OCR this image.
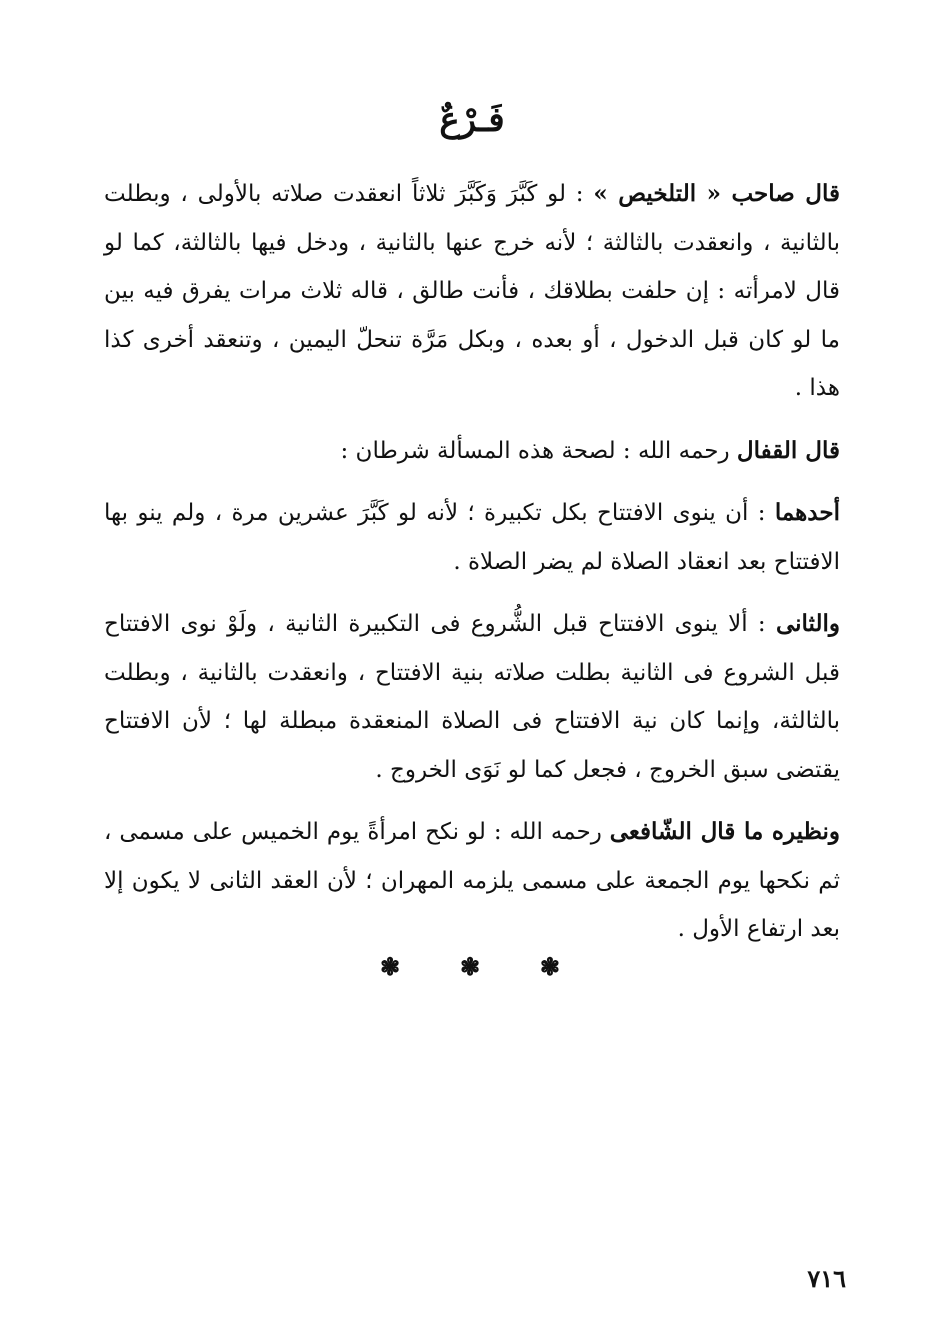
فَـرْعٌ

قال صاحب « التلخيص » : لو كَبَّرَ وَكَبَّرَ ثلاثاً انعقدت صلاته بالأولى ، وبطلت بالثانية ، وانعقدت بالثالثة ؛ لأنه خرج عنها بالثانية ، ودخل فيها بالثالثة، كما لو قال لامرأته : إن حلفت بطلاقك ، فأنت طالق ، قاله ثلاث مرات يفرق فيه بين ما لو كان قبل الدخول ، أو بعده ، وبكل مَرَّة تنحلّ اليمين ، وتنعقد أخرى كذا هذا .

قال القفال رحمه الله : لصحة هذه المسألة شرطان :

أحدهما : أن ينوى الافتتاح بكل تكبيرة ؛ لأنه لو كَبَّرَ عشرين مرة ، ولم ينو بها الافتتاح بعد انعقاد الصلاة لم يضر الصلاة .

والثانى : ألا ينوى الافتتاح قبل الشُّروع فى التكبيرة الثانية ، ولَوْ نوى الافتتاح قبل الشروع فى الثانية بطلت صلاته بنية الافتتاح ، وانعقدت بالثانية ، وبطلت بالثالثة، وإنما كان نية الافتتاح فى الصلاة المنعقدة مبطلة لها ؛ لأن الافتتاح يقتضى سبق الخروج ، فجعل كما لو نَوَى الخروج .

ونظيره ما قال الشّافعى رحمه الله : لو نكح امرأةً يوم الخميس على مسمى ، ثم نكحها يوم الجمعة على مسمى يلزمه المهران ؛ لأن العقد الثانى لا يكون إلا بعد ارتفاع الأول .

❃ ❃ ❃
٧١٦
